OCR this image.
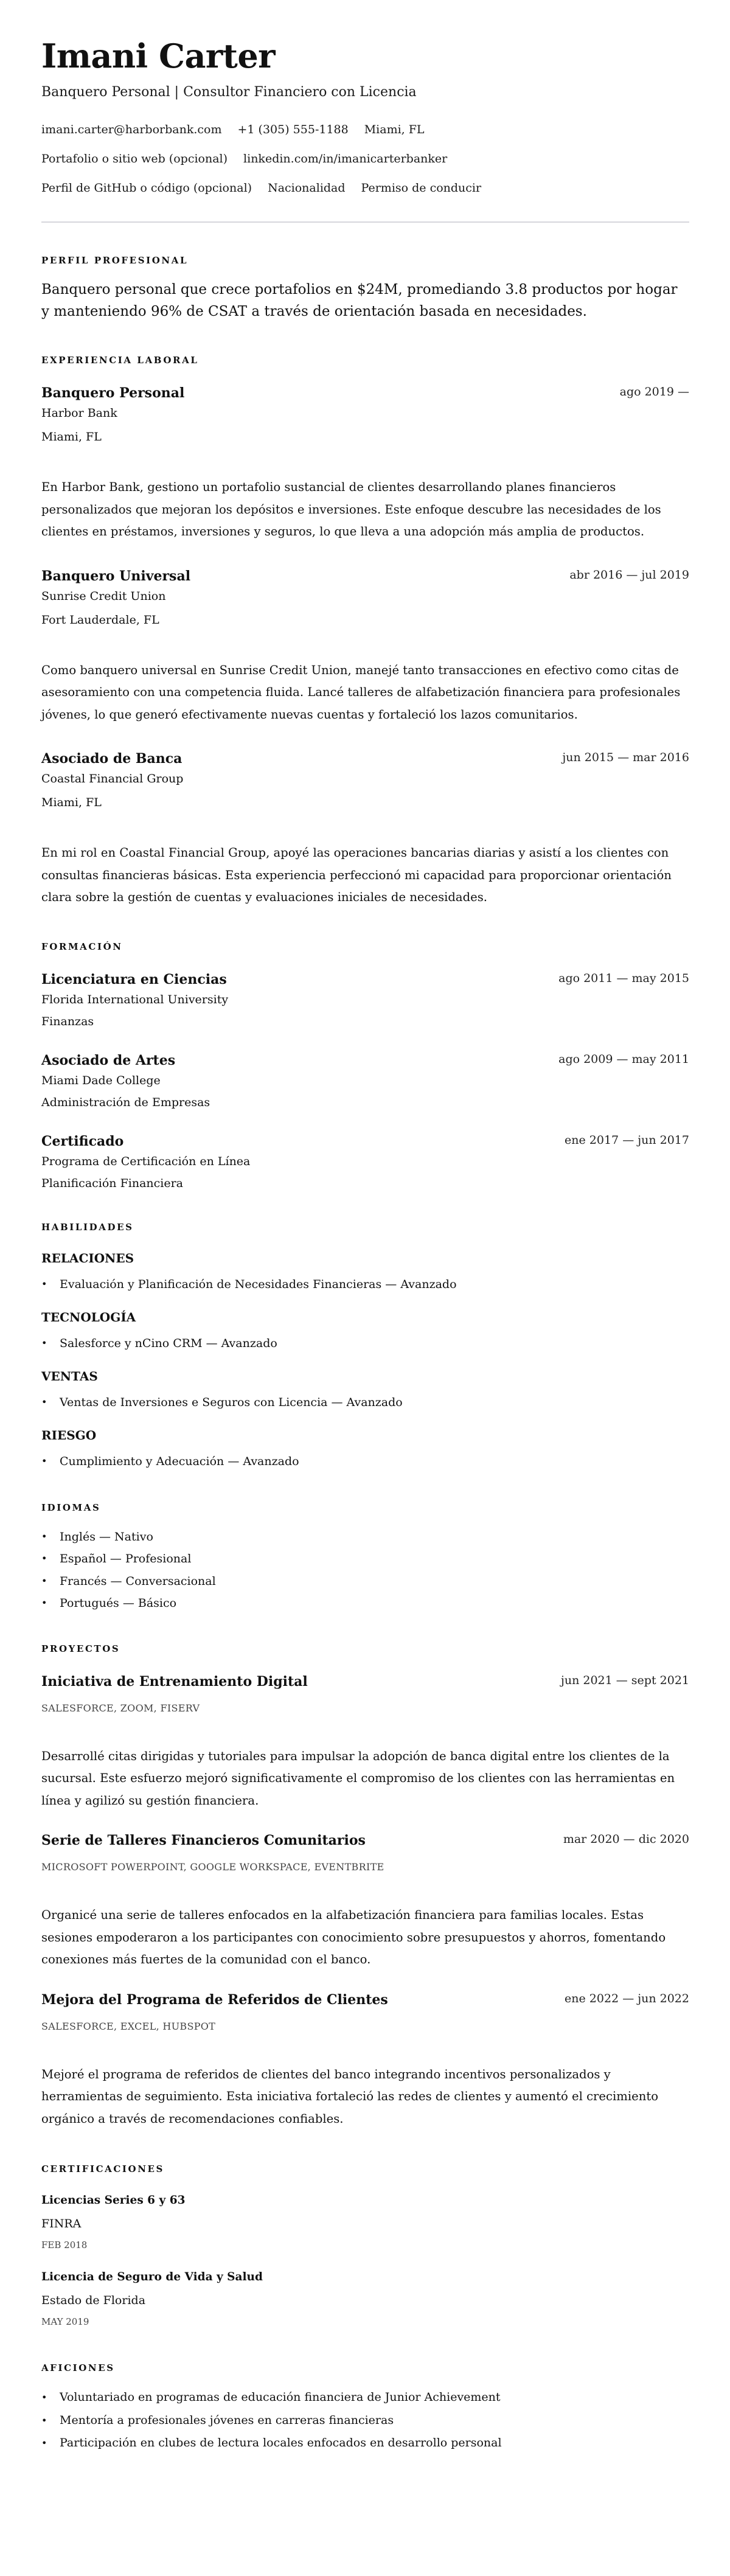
Imani Carter
Banquero Personal | Consultor Financiero con Licencia
imani.carter@harborbank.com +1 (305) 555-1188 Miami, FL
Portafolio o sitio web (opcional) linkedin.com/in/imanicarterbanker
Perfil de GitHub o código (opcional) Nacionalidad Permiso de conducir
PERFIL PROFESIONAL

Banquero personal que crece portafolios en $24M, promediando 3.8 productos por hogar y manteniendo 96% de CSAT a través de orientación basada en necesidades.

EXPERIENCIA LABORAL
Banquero Personal	ago 2019 —
Harbor Bank
Miami, FL
En Harbor Bank, gestiono un portafolio sustancial de clientes desarrollando planes financieros personalizados que mejoran los depósitos e inversiones. Este enfoque descubre las necesidades de los clientes en préstamos, inversiones y seguros, lo que lleva a una adopción más amplia de productos.
Banquero Universal	abr 2016 — jul 2019
Sunrise Credit Union
Fort Lauderdale, FL
Como banquero universal en Sunrise Credit Union, manejé tanto transacciones en efectivo como citas de asesoramiento con una competencia fluida. Lancé talleres de alfabetización financiera para profesionales jóvenes, lo que generó efectivamente nuevas cuentas y fortaleció los lazos comunitarios.
Asociado de Banca	jun 2015 — mar 2016
Coastal Financial Group
Miami, FL
En mi rol en Coastal Financial Group, apoyé las operaciones bancarias diarias y asistí a los clientes con consultas financieras básicas. Esta experiencia perfeccionó mi capacidad para proporcionar orientación clara sobre la gestión de cuentas y evaluaciones iniciales de necesidades.
FORMACIÓN
Licenciatura en Ciencias	ago 2011 — may 2015
Florida International University
Finanzas
Asociado de Artes	ago 2009 — may 2011
Miami Dade College
Administración de Empresas
Certificado	ene 2017 — jun 2017
Programa de Certificación en Línea
Planificación Financiera
HABILIDADES
RELACIONES
• Evaluación y Planificación de Necesidades Financieras — Avanzado
TECNOLOGÍA
• Salesforce y nCino CRM — Avanzado
VENTAS
• Ventas de Inversiones e Seguros con Licencia — Avanzado
RIESGO
• Cumplimiento y Adecuación — Avanzado
IDIOMAS
• Inglés — Nativo
• Español — Profesional
• Francés — Conversacional
• Portugués — Básico
PROYECTOS
Iniciativa de Entrenamiento Digital	jun 2021 — sept 2021
SALESFORCE, ZOOM, FISERV
Desarrollé citas dirigidas y tutoriales para impulsar la adopción de banca digital entre los clientes de la sucursal. Este esfuerzo mejoró significativamente el compromiso de los clientes con las herramientas en línea y agilizó su gestión financiera.
Serie de Talleres Financieros Comunitarios	mar 2020 — dic 2020
MICROSOFT POWERPOINT, GOOGLE WORKSPACE, EVENTBRITE
Organicé una serie de talleres enfocados en la alfabetización financiera para familias locales. Estas sesiones empoderaron a los participantes con conocimiento sobre presupuestos y ahorros, fomentando conexiones más fuertes de la comunidad con el banco.
Mejora del Programa de Referidos de Clientes	ene 2022 — jun 2022
SALESFORCE, EXCEL, HUBSPOT
Mejoré el programa de referidos de clientes del banco integrando incentivos personalizados y herramientas de seguimiento. Esta iniciativa fortaleció las redes de clientes y aumentó el crecimiento orgánico a través de recomendaciones confiables.
CERTIFICACIONES
Licencias Series 6 y 63
FINRA
FEB 2018
Licencia de Seguro de Vida y Salud
Estado de Florida
MAY 2019
AFICIONES
• Voluntariado en programas de educación financiera de Junior Achievement
• Mentoría a profesionales jóvenes en carreras financieras
• Participación en clubes de lectura locales enfocados en desarrollo personal
